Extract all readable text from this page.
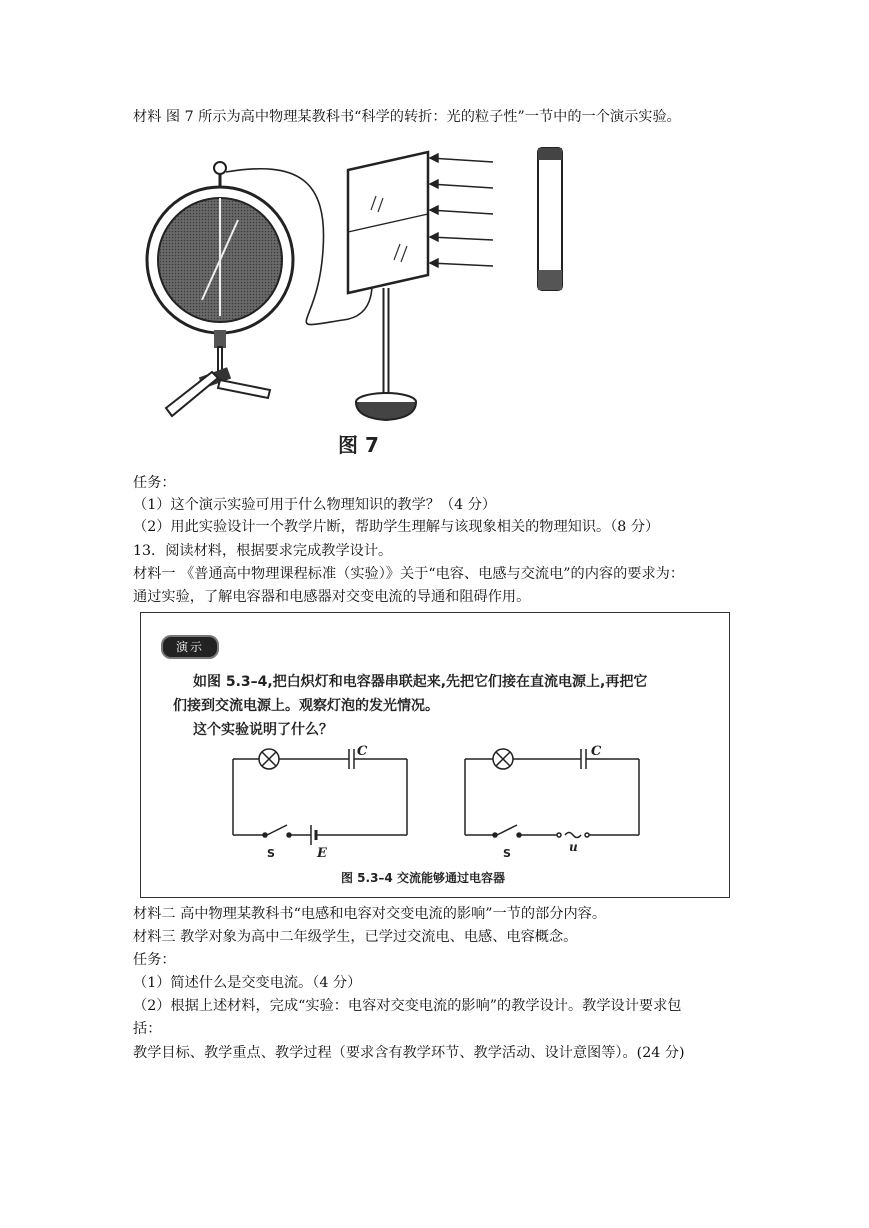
材料 图 7 所示为高中物理某教科书“科学的转折：光的粒子性”一节中的一个演示实验。
图 7
任务：
（1）这个演示实验可用于什么物理知识的教学？（4 分）
（2）用此实验设计一个教学片断，帮助学生理解与该现象相关的物理知识。（8 分）
13．阅读材料，根据要求完成教学设计。
材料一 《普通高中物理课程标准（实验）》关于“电容、电感与交流电”的内容的要求为：
通过实验，了解电容器和电感器对交变电流的导通和阻碍作用。
演示
如图 5.3–4,把白炽灯和电容器串联起来,先把它们接在直流电源上,再把它
们接到交流电源上。观察灯泡的发光情况。
这个实验说明了什么？
C
S	E
C
S	u
图 5.3–4 交流能够通过电容器
材料二 高中物理某教科书“电感和电容对交变电流的影响”一节的部分内容。
材料三 教学对象为高中二年级学生，已学过交流电、电感、电容概念。
任务：
（1）简述什么是交变电流。（4 分）
（2）根据上述材料，完成“实验：电容对交变电流的影响”的教学设计。教学设计要求包
括：
教学目标、教学重点、教学过程（要求含有教学环节、教学活动、设计意图等）。(24 分)
